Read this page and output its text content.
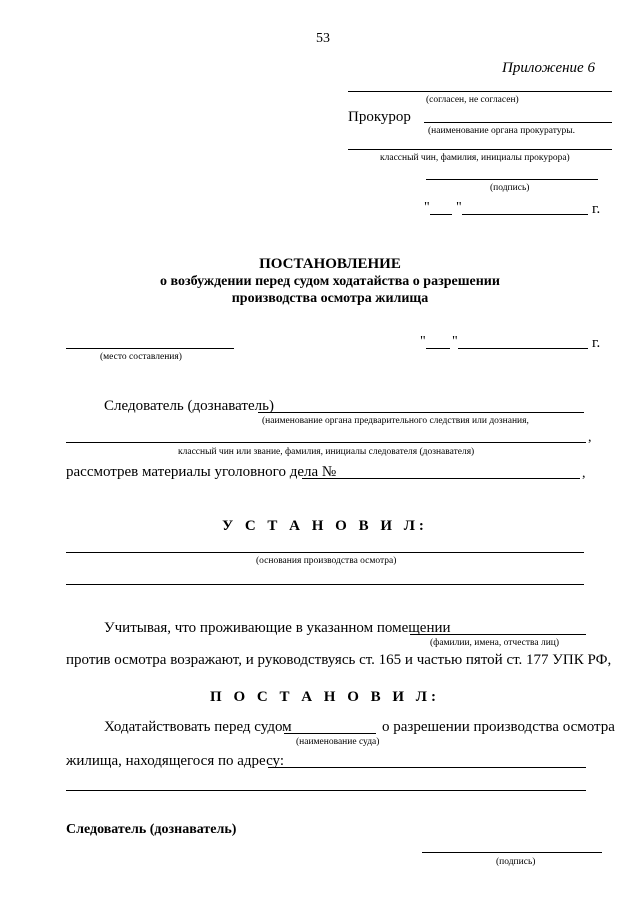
53
Приложение 6
(согласен, не согласен)
Прокурор
(наименование органа прокуратуры.
классный чин, фамилия, инициалы прокурора)
(подпись)
" "	г.
ПОСТАНОВЛЕНИЕ
о возбуждении перед судом ходатайства о разрешении
производства осмотра жилища
(место составления)
" "	г.
Следователь (дознаватель)
(наименование органа предварительного следствия или дознания,
,
классный чин или звание, фамилия, инициалы следователя (дознавателя)
рассмотрев материалы уголовного дела №	,
У С Т А Н О В И Л:
(основания производства осмотра)
Учитывая, что проживающие в указанном помещении
(фамилии, имена, отчества лиц)
против осмотра возражают, и руководствуясь ст. 165 и частью пятой ст. 177 УПК РФ,
П О С Т А Н О В И Л:
Ходатайствовать перед судом	о разрешении производства осмотра
(наименование суда)
жилища, находящегося по адресу:
Следователь (дознаватель)
(подпись)
